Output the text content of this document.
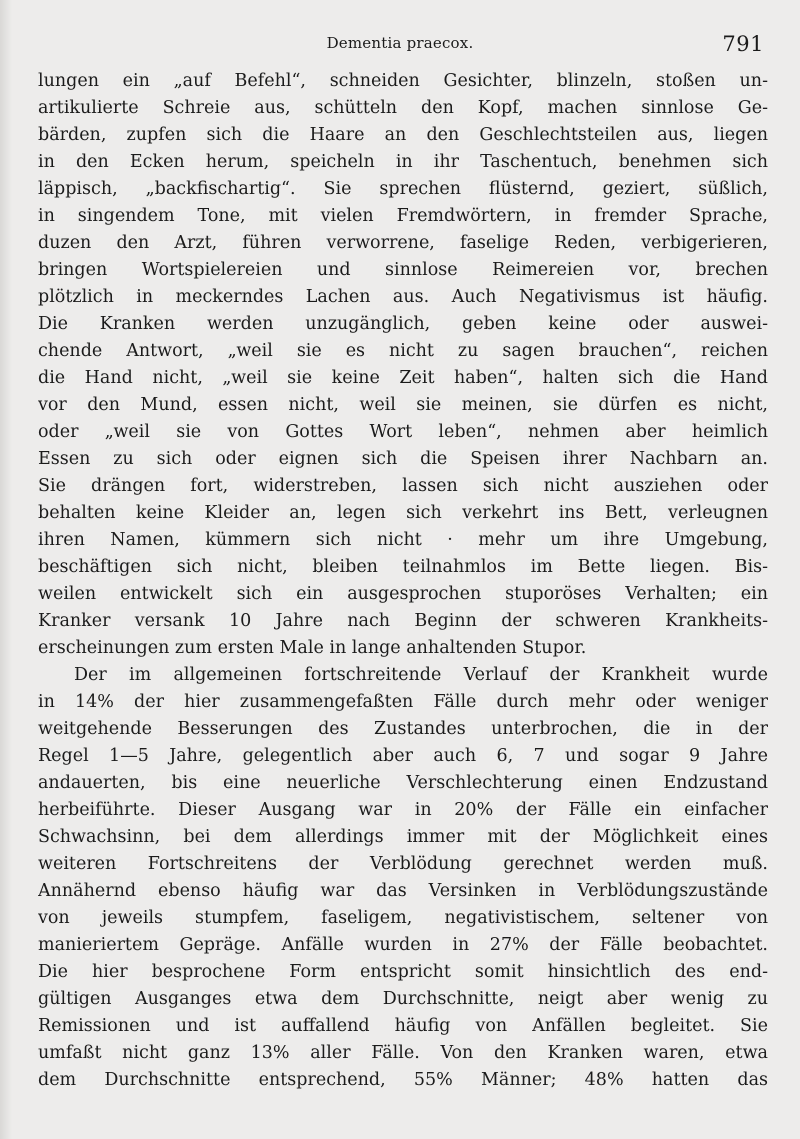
Dementia praecox.	791
lungen ein „auf Befehl“, schneiden Gesichter, blinzeln, stoßen un-
artikulierte Schreie aus, schütteln den Kopf, machen sinnlose Ge-
bärden, zupfen sich die Haare an den Geschlechtsteilen aus, liegen
in den Ecken herum, speicheln in ihr Taschentuch, benehmen sich
läppisch, „backfischartig“. Sie sprechen flüsternd, geziert, süßlich,
in singendem Tone, mit vielen Fremdwörtern, in fremder Sprache,
duzen den Arzt, führen verworrene, faselige Reden, verbigerieren,
bringen Wortspielereien und sinnlose Reimereien vor, brechen
plötzlich in meckerndes Lachen aus. Auch Negativismus ist häufig.
Die Kranken werden unzugänglich, geben keine oder auswei-
chende Antwort, „weil sie es nicht zu sagen brauchen“, reichen
die Hand nicht, „weil sie keine Zeit haben“, halten sich die Hand
vor den Mund, essen nicht, weil sie meinen, sie dürfen es nicht,
oder „weil sie von Gottes Wort leben“, nehmen aber heimlich
Essen zu sich oder eignen sich die Speisen ihrer Nachbarn an.
Sie drängen fort, widerstreben, lassen sich nicht ausziehen oder
behalten keine Kleider an, legen sich verkehrt ins Bett, verleugnen
ihren Namen, kümmern sich nicht · mehr um ihre Umgebung,
beschäftigen sich nicht, bleiben teilnahmlos im Bette liegen. Bis-
weilen entwickelt sich ein ausgesprochen stuporöses Verhalten; ein
Kranker versank 10 Jahre nach Beginn der schweren Krankheits-
erscheinungen zum ersten Male in lange anhaltenden Stupor.
Der im allgemeinen fortschreitende Verlauf der Krankheit wurde
in 14% der hier zusammengefaßten Fälle durch mehr oder weniger
weitgehende Besserungen des Zustandes unterbrochen, die in der
Regel 1—5 Jahre, gelegentlich aber auch 6, 7 und sogar 9 Jahre
andauerten, bis eine neuerliche Verschlechterung einen Endzustand
herbeiführte. Dieser Ausgang war in 20% der Fälle ein einfacher
Schwachsinn, bei dem allerdings immer mit der Möglichkeit eines
weiteren Fortschreitens der Verblödung gerechnet werden muß.
Annähernd ebenso häufig war das Versinken in Verblödungszustände
von jeweils stumpfem, faseligem, negativistischem, seltener von
manieriertem Gepräge. Anfälle wurden in 27% der Fälle beobachtet.
Die hier besprochene Form entspricht somit hinsichtlich des end-
gültigen Ausganges etwa dem Durchschnitte, neigt aber wenig zu
Remissionen und ist auffallend häufig von Anfällen begleitet. Sie
umfaßt nicht ganz 13% aller Fälle. Von den Kranken waren, etwa
dem Durchschnitte entsprechend, 55% Männer; 48% hatten das
